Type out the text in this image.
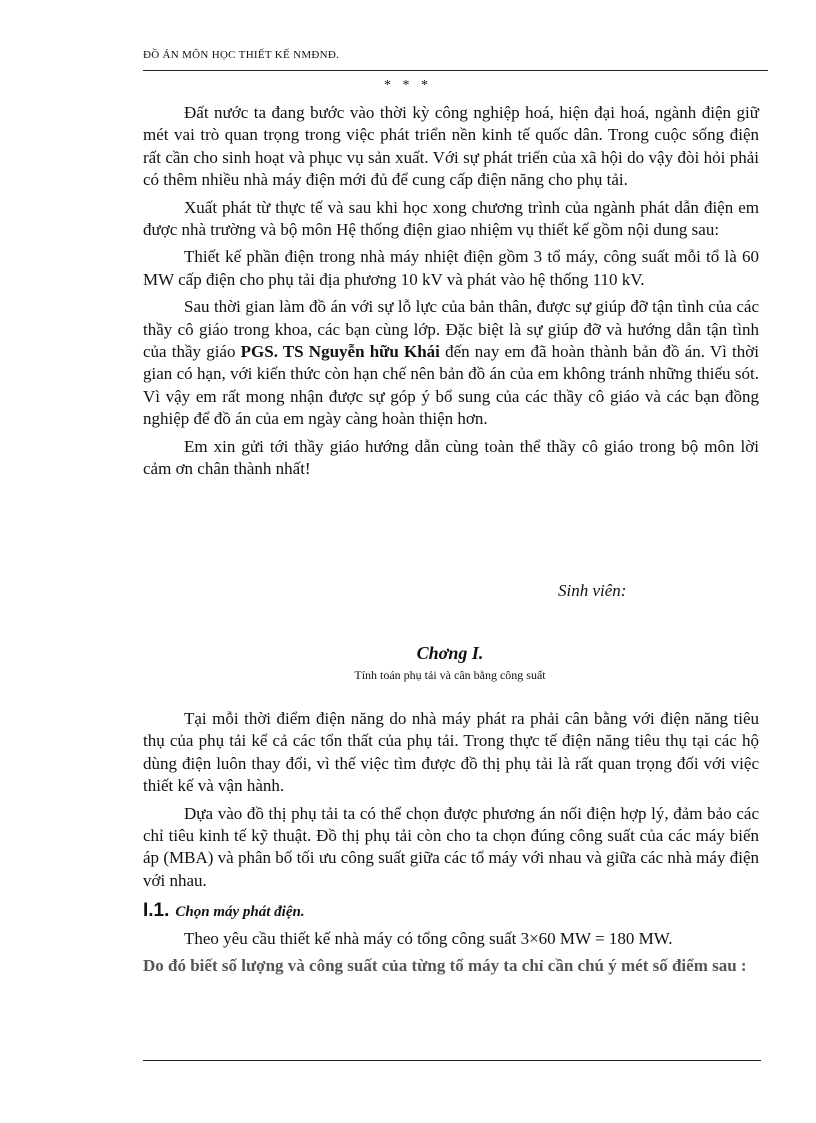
ĐỒ ÁN MÔN HỌC THIẾT KẾ NMĐNĐ.
* * *

Đất nước ta đang bước vào thời kỳ công nghiệp hoá, hiện đại hoá, ngành điện giữ mét vai trò quan trọng trong việc phát triển nền kinh tế quốc dân. Trong cuộc sống điện rất cần cho sinh hoạt và phục vụ sản xuất. Với sự phát triển của xã hội do vậy đòi hỏi phải có thêm nhiều nhà máy điện mới đủ để cung cấp điện năng cho phụ tải.

Xuất phát từ thực tế và sau khi học xong chương trình của ngành phát dẫn điện em được nhà trường và bộ môn Hệ thống điện giao nhiệm vụ thiết kế gồm nội dung sau:

Thiết kế phần điện trong nhà máy nhiệt điện gồm 3 tổ máy, công suất mỗi tổ là 60 MW cấp điện cho phụ tải địa phương 10 kV và phát vào hệ thống 110 kV.

Sau thời gian làm đồ án với sự lỗ lực của bản thân, được sự giúp đỡ tận tình của các thầy cô giáo trong khoa, các bạn cùng lớp. Đặc biệt là sự giúp đỡ và hướng dẫn tận tình của thầy giáo PGS. TS Nguyễn hữu Khái đến nay em đã hoàn thành bản đồ án. Vì thời gian có hạn, với kiến thức còn hạn chế nên bản đồ án của em không tránh những thiếu sót. Vì vậy em rất mong nhận được sự góp ý bổ sung của các thầy cô giáo và các bạn đồng nghiệp để đồ án của em ngày càng hoàn thiện hơn.

Em xin gửi tới thầy giáo hướng dẫn cùng toàn thể thầy cô giáo trong bộ môn lời cảm ơn chân thành nhất!

Sinh viên:
Chơng I.
Tính toán phụ tải và cân bằng công suất

Tại mỗi thời điểm điện năng do nhà máy phát ra phải cân bằng với điện năng tiêu thụ của phụ tải kể cả các tổn thất của phụ tải. Trong thực tế điện năng tiêu thụ tại các hộ dùng điện luôn thay đổi, vì thế việc tìm được đồ thị phụ tải là rất quan trọng đối với việc thiết kế và vận hành.

Dựa vào đồ thị phụ tải ta có thể chọn được phương án nối điện hợp lý, đảm bảo các chỉ tiêu kinh tế kỹ thuật. Đồ thị phụ tải còn cho ta chọn đúng công suất của các máy biến áp (MBA) và phân bố tối ưu công suất giữa các tổ máy với nhau và giữa các nhà máy điện với nhau.

I.1. Chọn máy phát điện.

Theo yêu cầu thiết kế nhà máy có tổng công suất 3×60 MW = 180 MW.

Do đó biết số lượng và công suất của từng tổ máy ta chỉ cần chú ý mét số điểm sau :
